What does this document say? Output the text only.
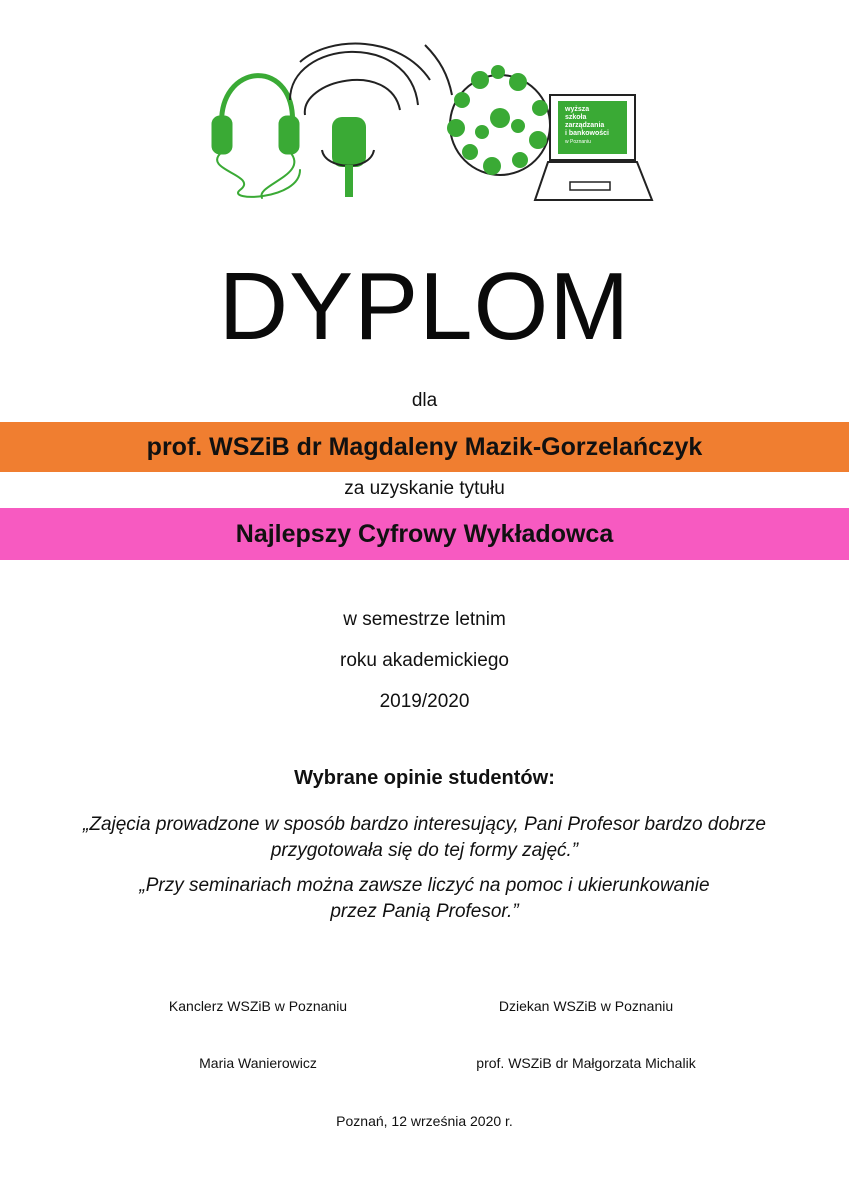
wyższa
szkoła
zarządzania
i bankowości
w Poznaniu
DYPLOM
dla
prof. WSZiB dr Magdaleny Mazik-Gorzelańczyk
za uzyskanie tytułu
Najlepszy Cyfrowy Wykładowca
w semestrze letnim
roku akademickiego
2019/2020
Wybrane opinie studentów:
„Zajęcia prowadzone w sposób bardzo interesujący, Pani Profesor bardzo dobrze
przygotowała się do tej formy zajęć.”
„Przy seminariach można zawsze liczyć na pomoc i ukierunkowanie
przez Panią Profesor.”
Kanclerz WSZiB w Poznaniu	Dziekan WSZiB w Poznaniu
Maria Wanierowicz	prof. WSZiB dr Małgorzata Michalik
Poznań, 12 września 2020 r.
